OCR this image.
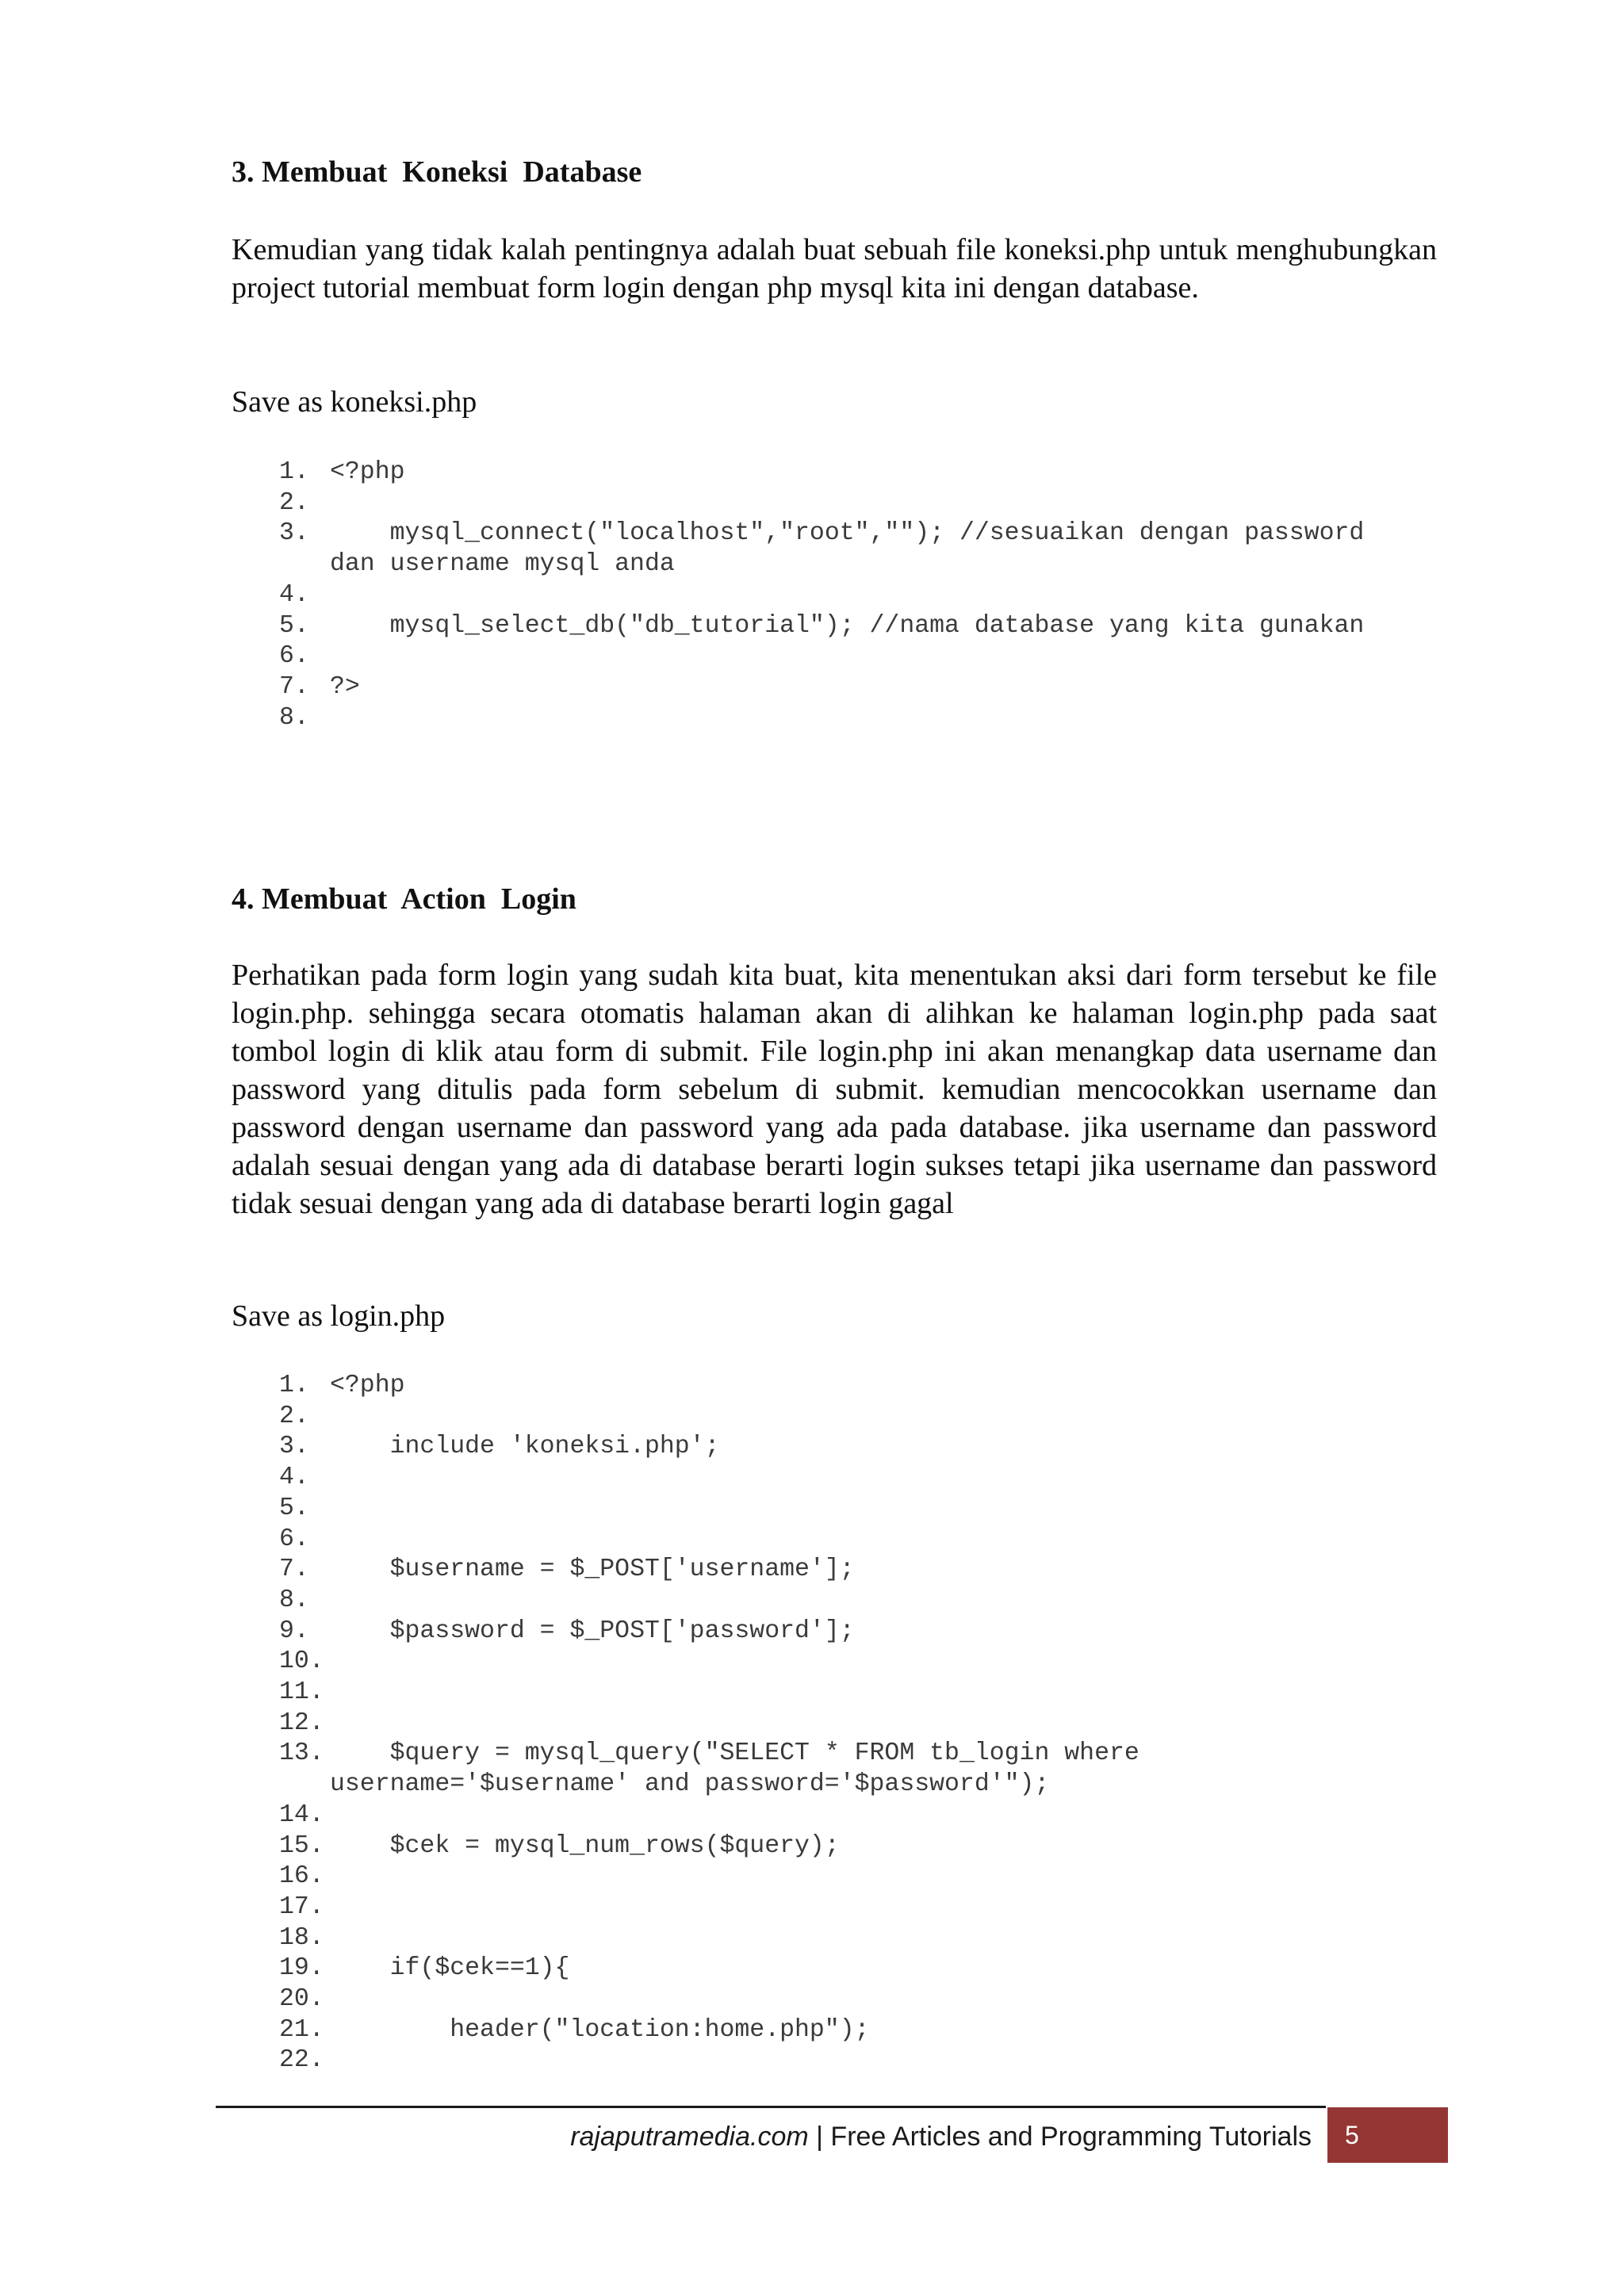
3. Membuat  Koneksi  Database

Kemudian yang tidak kalah pentingnya adalah buat sebuah file koneksi.php untuk menghubungkan project tutorial membuat form login dengan php mysql kita ini dengan database.

Save as koneksi.php

1. <?php
2.
3. mysql_connect("localhost","root",""); //sesuaikan dengan password dan username mysql anda
4.
5. mysql_select_db("db_tutorial"); //nama database yang kita gunakan
6.
7. ?>
8.
4. Membuat  Action  Login

Perhatikan pada form login yang sudah kita buat, kita menentukan aksi dari form tersebut ke file login.php. sehingga secara otomatis halaman akan di alihkan ke halaman login.php pada saat tombol login di klik atau form di submit. File login.php ini akan menangkap data username dan password yang ditulis pada form sebelum di submit. kemudian mencocokkan username dan password dengan username dan password yang ada pada database. jika username dan password adalah sesuai dengan yang ada di database berarti login sukses tetapi jika username dan password tidak sesuai dengan yang ada di database berarti login gagal

Save as login.php

1. <?php
2.
3. include 'koneksi.php';
4.
5.
6.
7. $username = $_POST['username'];
8.
9. $password = $_POST['password'];
10.
11.
12.
13. $query = mysql_query("SELECT * FROM tb_login where username='$username' and password='$password'");
14.
15. $cek = mysql_num_rows($query);
16.
17.
18.
19. if($cek==1){
20.
21. header("location:home.php");
22.
rajaputramedia.com | Free Articles and Programming Tutorials	5
